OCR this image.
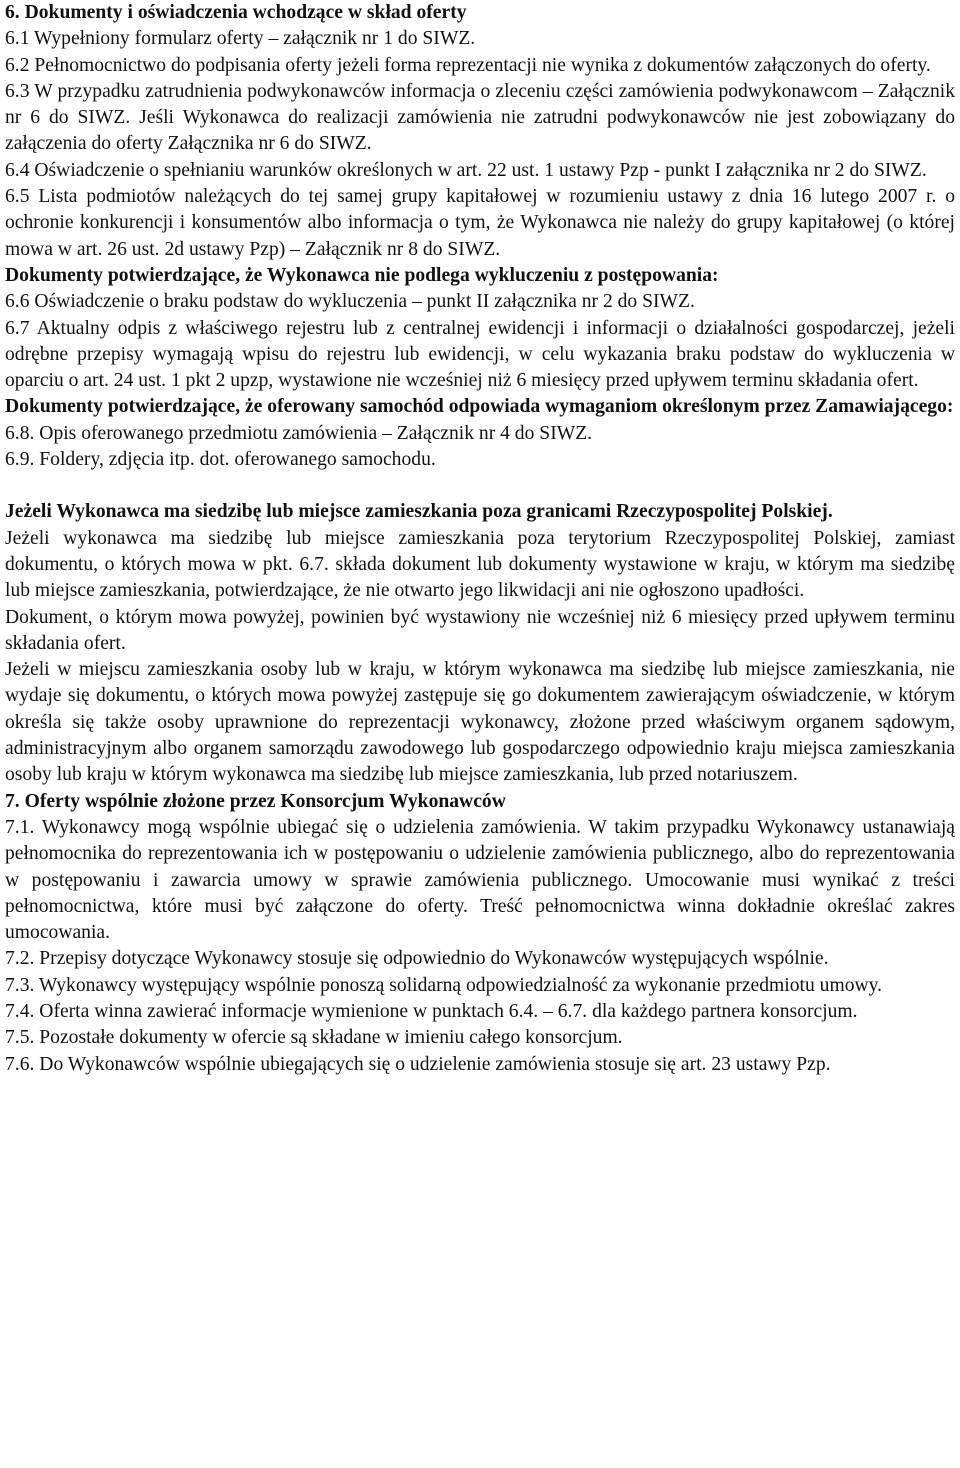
6. Dokumenty i oświadczenia wchodzące w skład oferty

6.1 Wypełniony formularz oferty – załącznik nr 1 do SIWZ.

6.2 Pełnomocnictwo do podpisania oferty jeżeli forma reprezentacji nie wynika z dokumentów załączonych do oferty.

6.3 W przypadku zatrudnienia podwykonawców informacja o zleceniu części zamówienia podwykonawcom – Załącznik nr 6 do SIWZ. Jeśli Wykonawca do realizacji zamówienia nie zatrudni podwykonawców nie jest zobowiązany do załączenia do oferty Załącznika nr 6 do SIWZ.

6.4 Oświadczenie o spełnianiu warunków określonych w art. 22 ust. 1 ustawy Pzp - punkt I załącznika nr 2 do SIWZ.

6.5 Lista podmiotów należących do tej samej grupy kapitałowej w rozumieniu ustawy z dnia 16 lutego 2007 r. o ochronie konkurencji i konsumentów albo informacja o tym, że Wykonawca nie należy do grupy kapitałowej (o której mowa w art. 26 ust. 2d ustawy Pzp) – Załącznik nr 8 do SIWZ.

Dokumenty potwierdzające, że Wykonawca nie podlega wykluczeniu z postępowania:

6.6 Oświadczenie o braku podstaw do wykluczenia – punkt II załącznika nr 2 do SIWZ.

6.7 Aktualny odpis z właściwego rejestru lub z centralnej ewidencji i informacji o działalności gospodarczej, jeżeli odrębne przepisy wymagają wpisu do rejestru lub ewidencji, w celu wykazania braku podstaw do wykluczenia w oparciu o art. 24 ust. 1 pkt 2 upzp, wystawione nie wcześniej niż 6 miesięcy przed upływem terminu składania ofert.

Dokumenty potwierdzające, że oferowany samochód odpowiada wymaganiom określonym przez Zamawiającego:

6.8. Opis oferowanego przedmiotu zamówienia – Załącznik nr 4 do SIWZ.

6.9. Foldery, zdjęcia itp. dot. oferowanego samochodu.

Jeżeli Wykonawca ma siedzibę lub miejsce zamieszkania poza granicami Rzeczypospolitej Polskiej.

Jeżeli wykonawca ma siedzibę lub miejsce zamieszkania poza terytorium Rzeczypospolitej Polskiej, zamiast dokumentu, o których mowa w pkt. 6.7. składa dokument lub dokumenty wystawione w kraju, w którym ma siedzibę lub miejsce zamieszkania, potwierdzające, że nie otwarto jego likwidacji ani nie ogłoszono upadłości.

Dokument, o którym mowa powyżej, powinien być wystawiony nie wcześniej niż 6 miesięcy przed upływem terminu składania ofert.

Jeżeli w miejscu zamieszkania osoby lub w kraju, w którym wykonawca ma siedzibę lub miejsce zamieszkania, nie wydaje się dokumentu, o których mowa powyżej zastępuje się go dokumentem zawierającym oświadczenie, w którym określa się także osoby uprawnione do reprezentacji wykonawcy, złożone przed właściwym organem sądowym, administracyjnym albo organem samorządu zawodowego lub gospodarczego odpowiednio kraju miejsca zamieszkania osoby lub kraju w którym wykonawca ma siedzibę lub miejsce zamieszkania, lub przed notariuszem.

7. Oferty wspólnie złożone przez Konsorcjum Wykonawców

7.1. Wykonawcy mogą wspólnie ubiegać się o udzielenia zamówienia. W takim przypadku Wykonawcy ustanawiają pełnomocnika do reprezentowania ich w postępowaniu o udzielenie zamówienia publicznego, albo do reprezentowania w postępowaniu i zawarcia umowy w sprawie zamówienia publicznego. Umocowanie musi wynikać z treści pełnomocnictwa, które musi być załączone do oferty. Treść pełnomocnictwa winna dokładnie określać zakres umocowania.

7.2. Przepisy dotyczące Wykonawcy stosuje się odpowiednio do Wykonawców występujących wspólnie.

7.3. Wykonawcy występujący wspólnie ponoszą solidarną odpowiedzialność za wykonanie przedmiotu umowy.

7.4. Oferta winna zawierać informacje wymienione w punktach 6.4. – 6.7. dla każdego partnera konsorcjum.

7.5. Pozostałe dokumenty w ofercie są składane w imieniu całego konsorcjum.

7.6. Do Wykonawców wspólnie ubiegających się o udzielenie zamówienia stosuje się art. 23 ustawy Pzp.
